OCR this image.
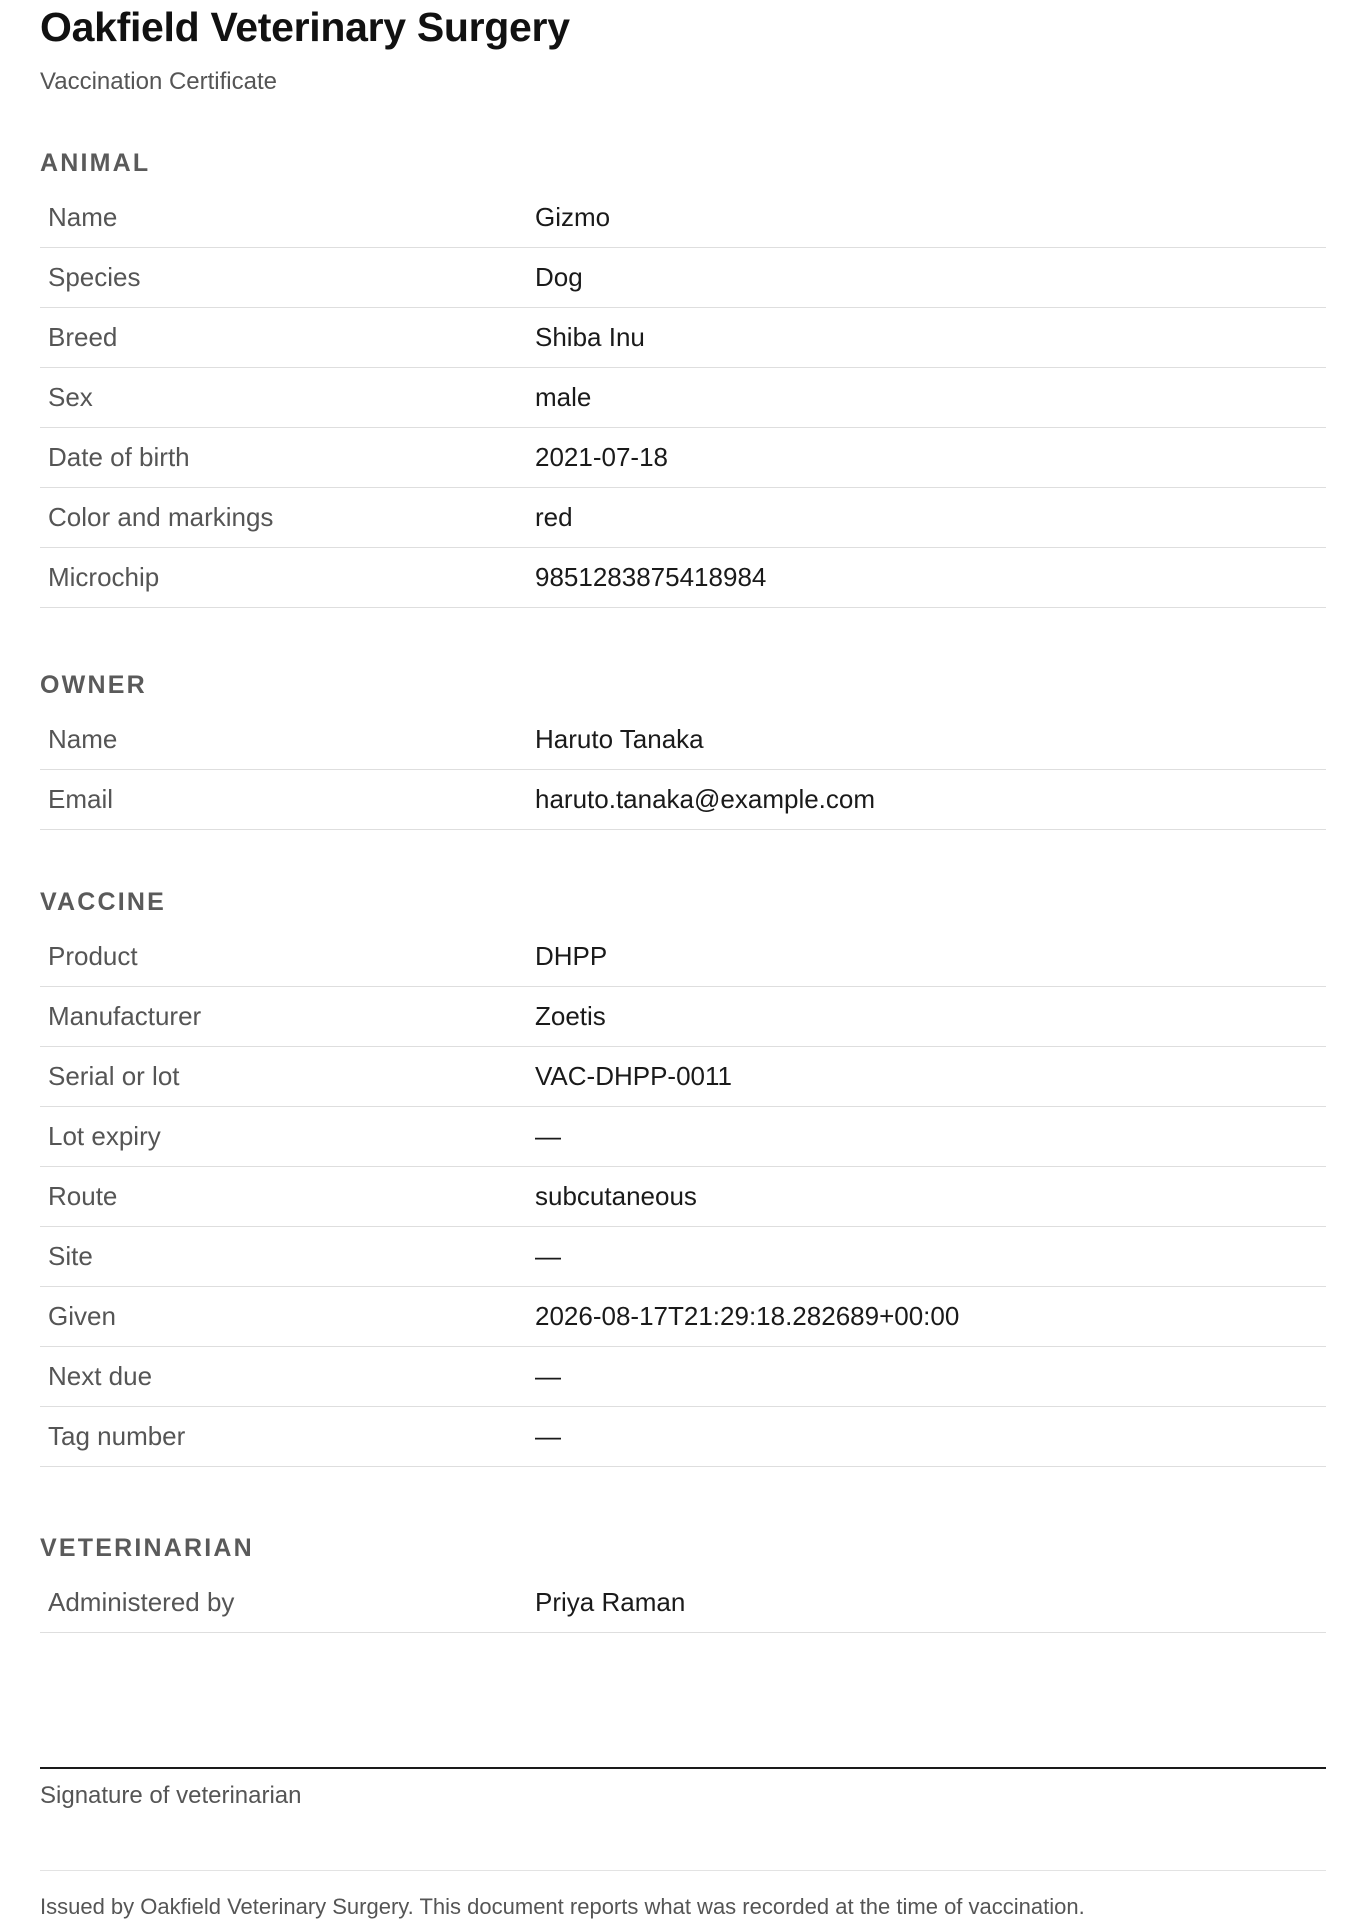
Oakfield Veterinary Surgery
Vaccination Certificate
ANIMAL
Name	Gizmo
Species	Dog
Breed	Shiba Inu
Sex	male
Date of birth	2021-07-18
Color and markings	red
Microchip	9851283875418984
OWNER
Name	Haruto Tanaka
Email	haruto.tanaka@example.com
VACCINE
Product	DHPP
Manufacturer	Zoetis
Serial or lot	VAC-DHPP-0011
Lot expiry	—
Route	subcutaneous
Site	—
Given	2026-08-17T21:29:18.282689+00:00
Next due	—
Tag number	—
VETERINARIAN
Administered by	Priya Raman
Signature of veterinarian
Issued by Oakfield Veterinary Surgery. This document reports what was recorded at the time of vaccination.
